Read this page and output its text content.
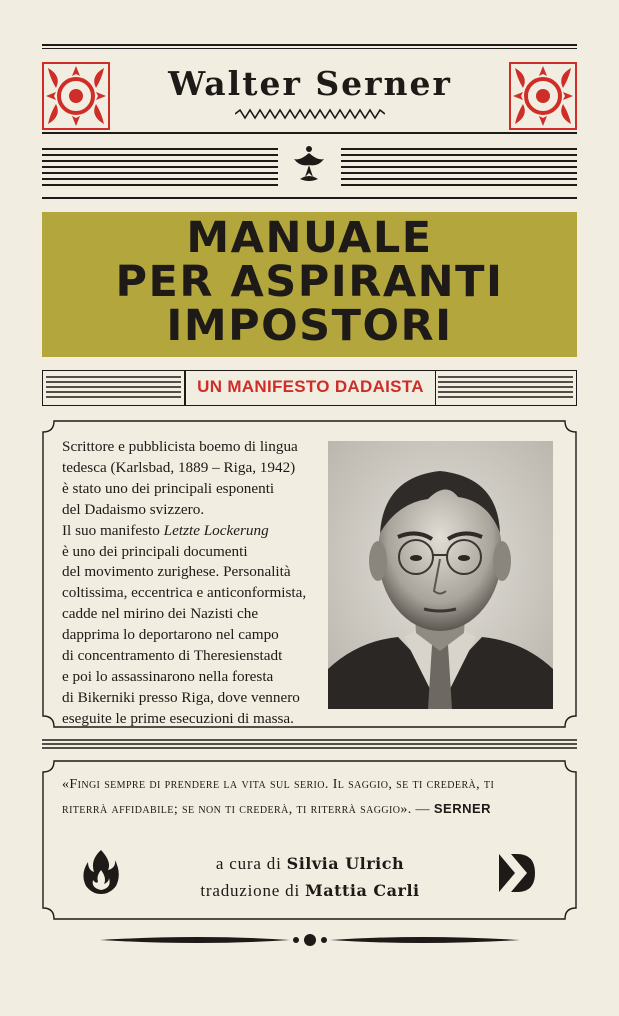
Walter Serner
MANUALE
PER ASPIRANTI
IMPOSTORI
UN MANIFESTO DADAISTA
Scrittore e pubblicista boemo di lingua
tedesca (Karlsbad, 1889 – Riga, 1942)
è stato uno dei principali esponenti
del Dadaismo svizzero.
Il suo manifesto Letzte Lockerung
è uno dei principali documenti
del movimento zurighese. Personalità
coltissima, eccentrica e anticonformista,
cadde nel mirino dei Nazisti che
dapprima lo deportarono nel campo
di concentramento di Theresienstadt
e poi lo assassinarono nella foresta
di Bikerniki presso Riga, dove vennero
eseguite le prime esecuzioni di massa.
«Fingi sempre di prendere la vita sul serio. Il saggio, se ti crederà, ti
riterrà affidabile; se non ti crederà, ti riterrà saggio». — SERNER
a cura di Silvia Ulrich
traduzione di Mattia Carli
